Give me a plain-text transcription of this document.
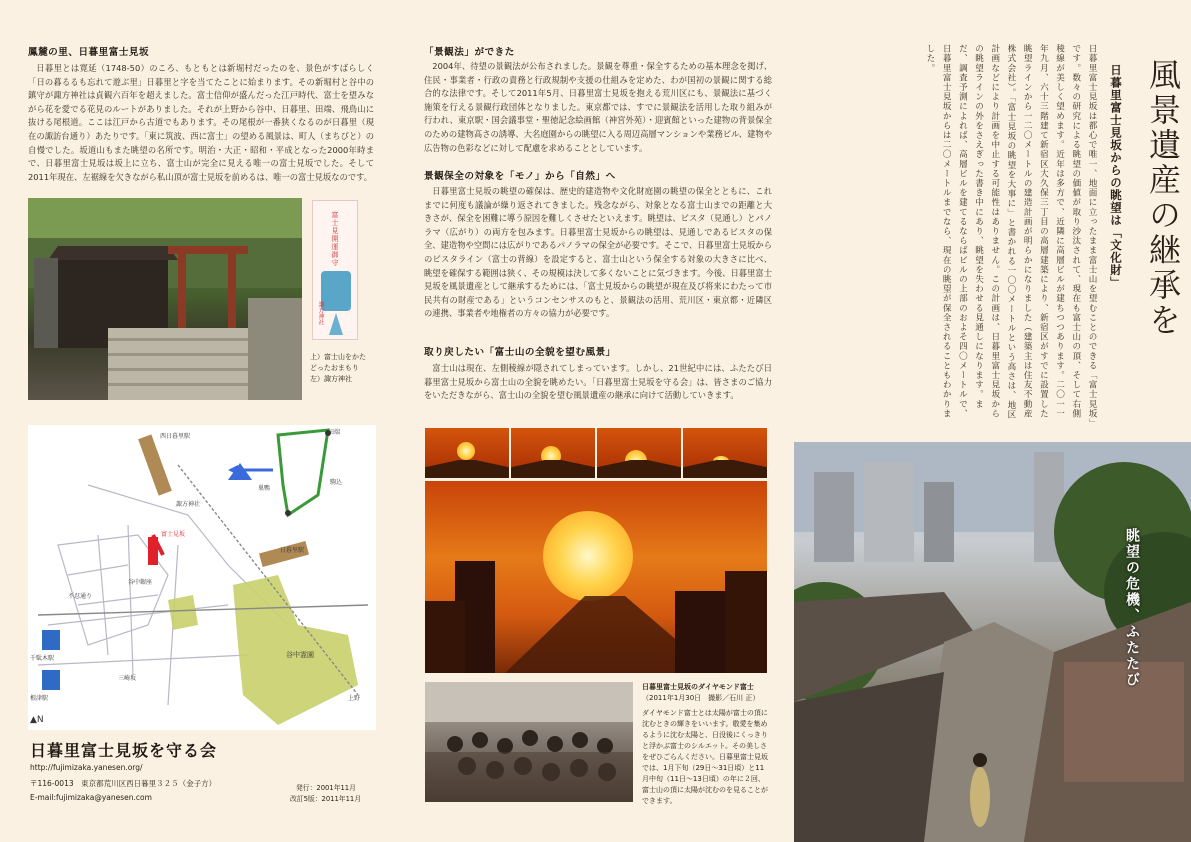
鳳麓の里、日暮里富士見坂

日暮里とは寛延（1748-50）のころ、もともとは新堀村だったのを、景色がすばらしく「日の暮るるも忘れて遊ぶ里」日暮里と字を当てたことに始まります。その新堀村と谷中の鎮守が諏方神社は貞観六百年を超えました。富士信仰が盛んだった江戸時代、富士を望みながら花を愛でる花見のルートがありました。それが上野から谷中、日暮里、田端、飛鳥山に抜ける尾根道。ここは江戸から古道でもあります。その尾根が一番狭くなるのが日暮里（現在の諏訪台通り）あたりです。「東に筑波、西に富士」の望める風景は、町人（まちびと）の自慢でした。坂道山もまた眺望の名所です。明治・大正・昭和・平成となった2000年時まで、日暮里富士見坂は坂上に立ち、富士山が完全に見える唯一の富士見坂でした。そして2011年現在、左裾線を欠きながら私山頂が富士見坂を前めるは、唯一の富士見坂なのです。

富士見開運御守
諏方神社
上）富士山をかた
どったおまもり
左）諏方神社
西日暮里駅
日暮里駅
谷中霊園
上野
富士見坂
諏方神社
谷中銀座
三崎坂
千駄木駅
根津駅
不忍通り
田端
駒込
巣鴨
▲N
日暮里富士見坂を守る会
http://fujimizaka.yanesen.org/
〒116-0013　東京都荒川区西日暮里３２５（金子方）
E-mail:fujimizaka@yanesen.com
発行：2001年11月
改訂5版：2011年11月
「景観法」ができた

2004年、待望の景観法が公布されました。景観を尊重・保全するための基本理念を掲げ、住民・事業者・行政の責務と行政規制や支援の仕組みを定めた、わが国初の景観に関する総合的な法律です。そして2011年5月、日暮里富士見坂を抱える荒川区にも、景観法に基づく施策を行える景観行政団体となりました。東京都では、すでに景観法を活用した取り組みが行われ、東京駅・国会議事堂・聖徳記念絵画館（神宮外苑）・迎賓館といった建物の背景保全のための建物高さの誘導、大名庭園からの眺望に入る周辺高層マンションや業務ビル、建物や広告物の色彩などに対して配慮を求めることとしています。

景観保全の対象を「モノ」から「自然」へ

日暮里富士見坂の眺望の確保は、歴史的建造物や文化財庭園の眺望の保全とともに、これまでに何度も議論が繰り返されてきました。残念ながら、対象となる富士山までの距離と大きさが、保全を困難に導う原因を難しくさせたといえます。眺望は、ビスタ（見通し）とパノラマ（広がり）の両方を包みます。日暮里富士見坂からの眺望は、見通しであるビスタの保全、建造物や空間には広がりであるパノラマの保全が必要です。そこで、日暮里富士見坂からのビスタライン（富士の背線）を設定すると、富士山という保全する対象の大きさに比べ、眺望を確保する範囲は狭く、その規模は決して多くないことに気づきます。今後、日暮里富士見坂を風景遺産として継承するためには、「富士見坂からの眺望が現在及び将来にわたって市民共有の財産である」というコンセンサスのもと、景観法の活用、荒川区・東京都・近隣区の連携、事業者や地権者の方々の協力が必要です。

取り戻したい「富士山の全貌を望む風景」

富士山は現在、左側稜線が隠されてしまっています。しかし、21世紀中には、ふたたび日暮里富士見坂から富士山の全貌を眺めたい。「日暮里富士見坂を守る会」は、皆さまのご協力をいただきながら、富士山の全貌を望む風景遺産の継承に向けて活動していきます。

日暮里富士見坂のダイヤモンド富士
（2011年1月30日　撮影／石川 正）
ダイヤモンド富士とは太陽が富士の頂に沈むときの輝きをいいます。敬愛を集めるように沈む太陽と、日没後にくっきりと浮かぶ富士のシルエット。その美しさをぜひごらんください。日暮里富士見坂では、1月下旬（29日〜31日頃）と11月中旬（11日〜13日頃）の年に２回、富士山の頂に太陽が沈むのを見ることができます。
風景遺産の継承を
日暮里富士見坂からの眺望は「文化財」
日暮里富士見坂は都心で唯一、地面に立ったまま富士山を望むことのできる「富士見坂」です。数々の研究による眺望の価値が取り沙汰されて、現在も富士山の頂、そして右側稜線が美しく望めます。近年は多方で、近隣に高層ビルが建ちつつあります。二〇一一年九月、六十三階建て新宿区大久保三丁目の高層建築により、新宿区がすでに設置した眺望ラインから一二〇メートルの建造計画が明らかになりました（建築主は住友不動産株式会社）。「富士見坂の眺望を大事に」と書かれる一〇〇メートルという高さは、地区計画などにより計画を中止する可能性はありません。この計画は、日暮里富士見坂からの眺望ラインの外をさえぎった書き中にあり、眺望を失わせる見通しになります。まだ、調査予測によれば、高層ビルを建てるならばビルの上部のおよそ四〇メートルで、日暮里富士見坂からは二〇メートルまでなら、現在の眺望が保全されることもわかりました。
眺望の危機、ふたたび
